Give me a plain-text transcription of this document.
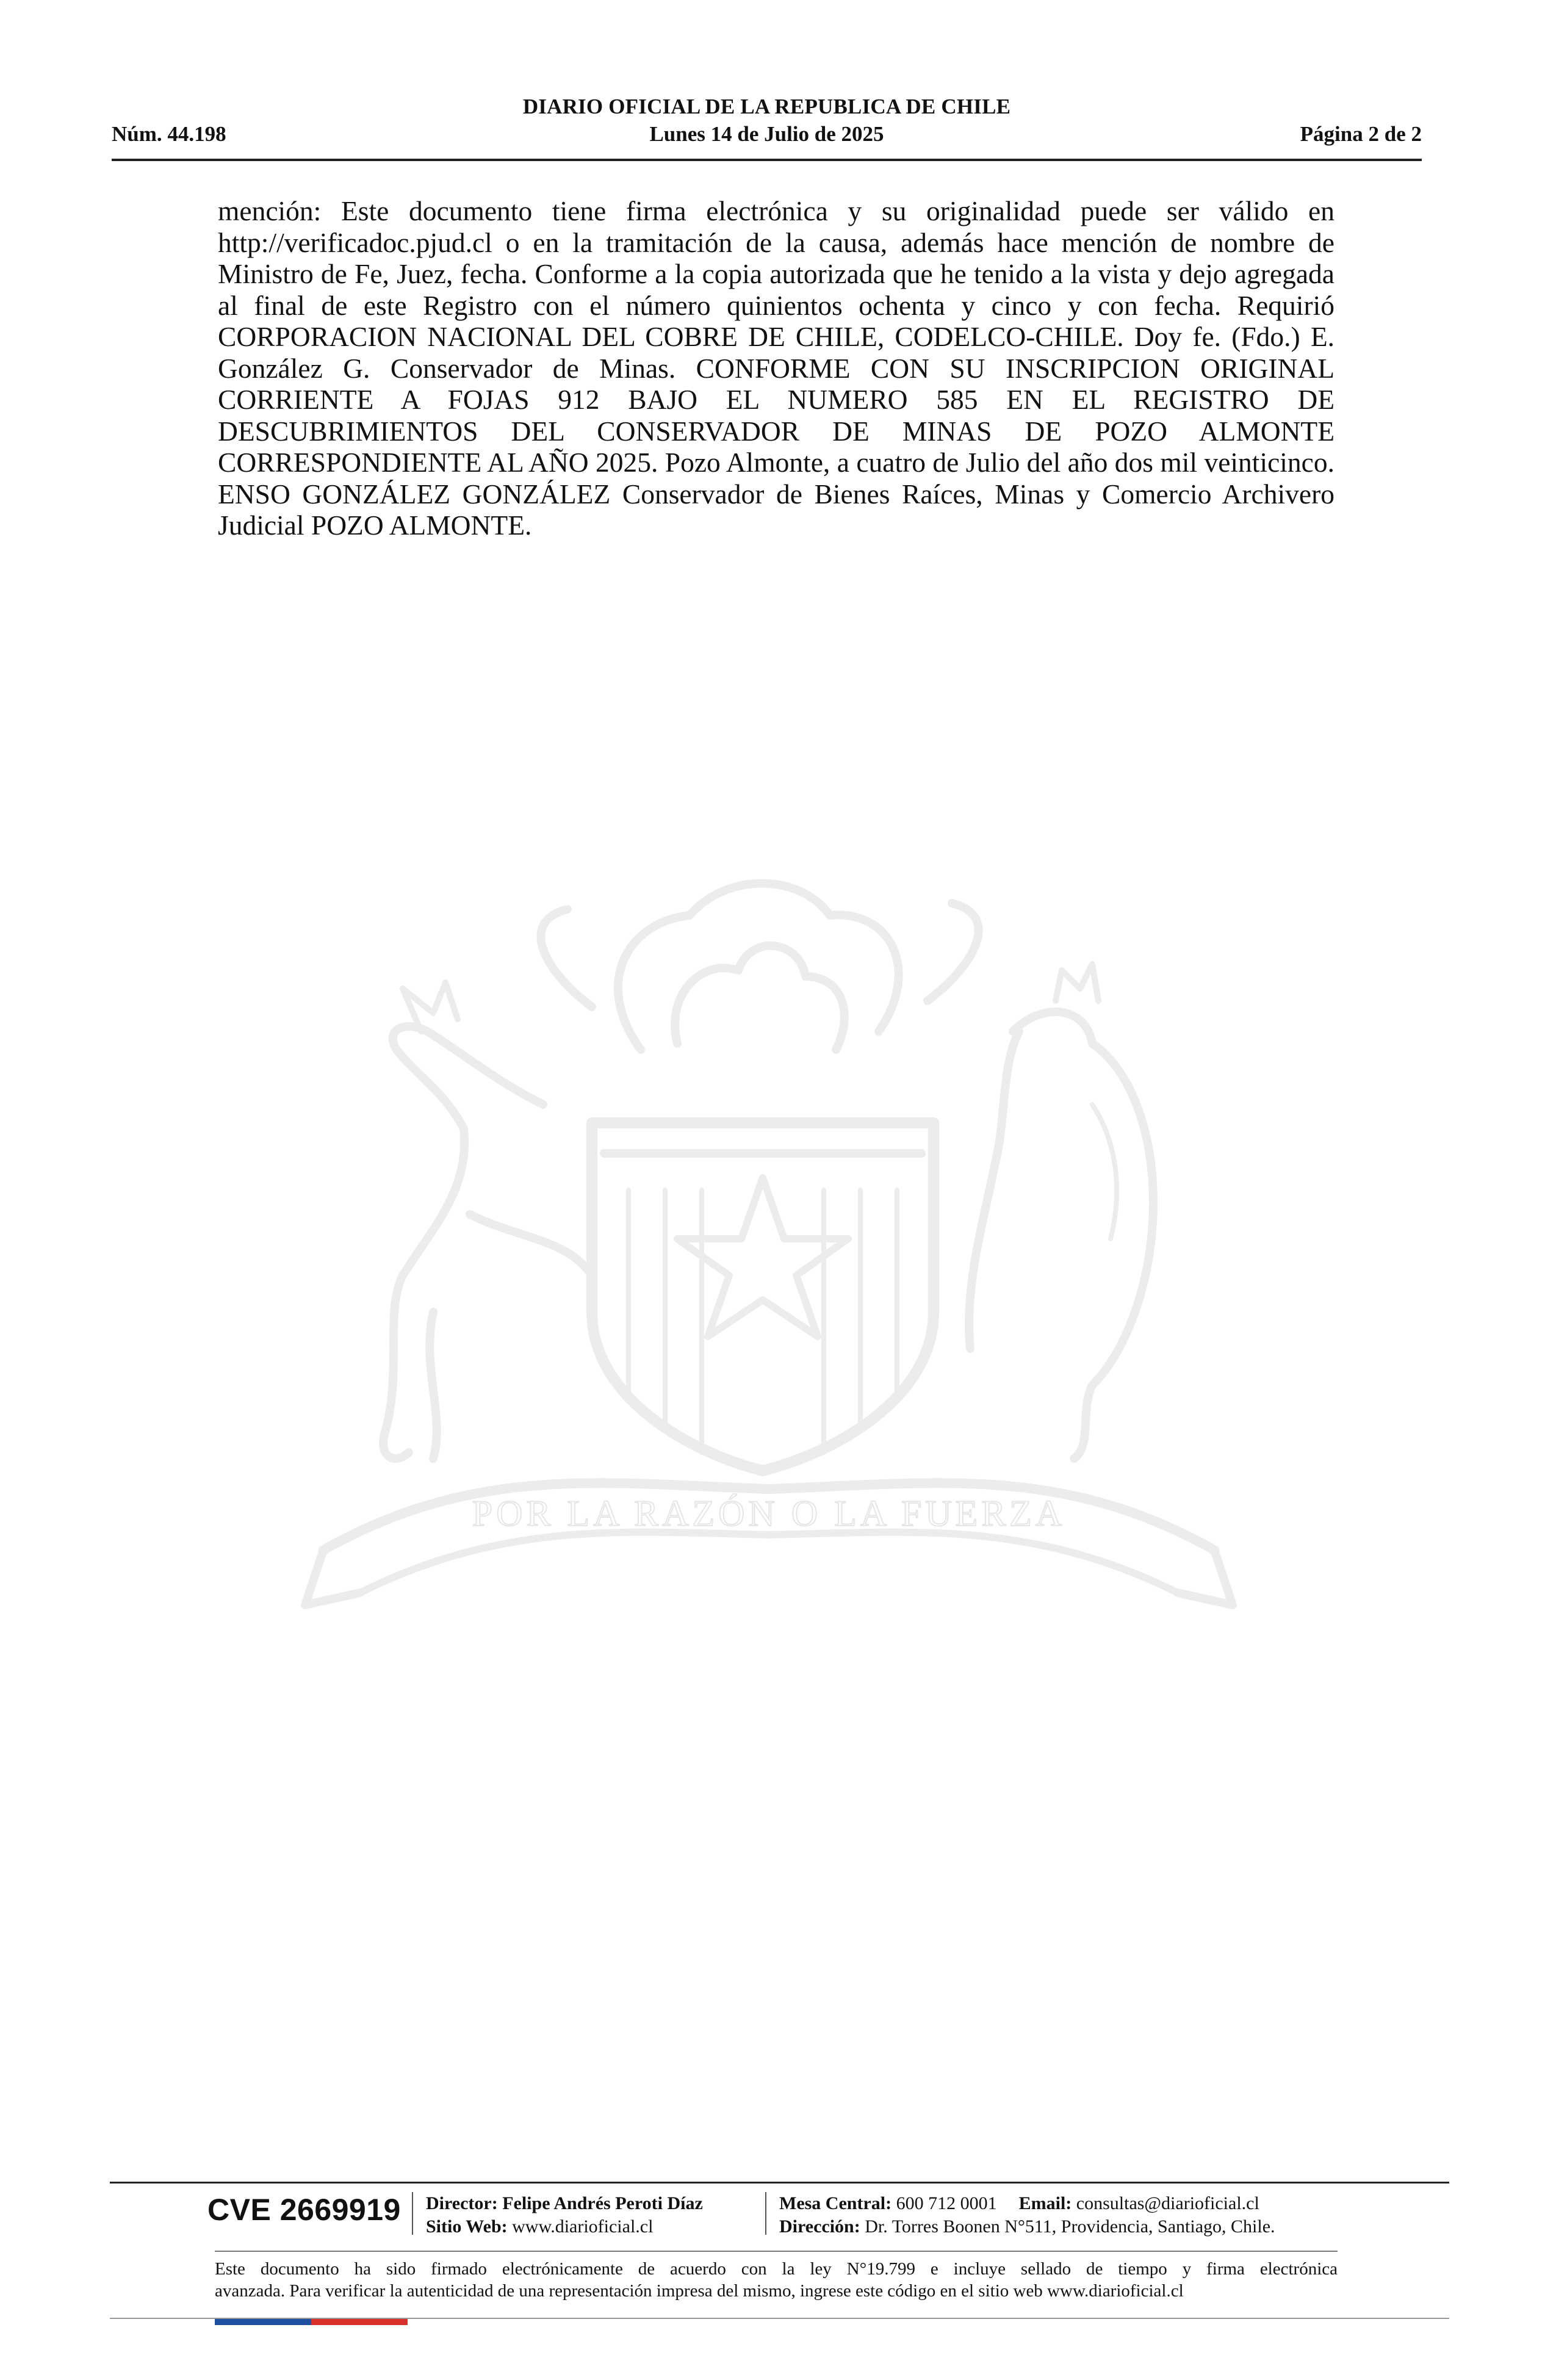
DIARIO OFICIAL DE LA REPUBLICA DE CHILE
Núm. 44.198	Lunes 14 de Julio de 2025	Página 2 de 2
POR LA RAZÓN O LA FUERZA
mención: Este documento tiene firma electrónica y su originalidad puede ser válido en http://verificadoc.pjud.cl o en la tramitación de la causa, además hace mención de nombre de Ministro de Fe, Juez, fecha. Conforme a la copia autorizada que he tenido a la vista y dejo agregada al final de este Registro con el número quinientos ochenta y cinco y con fecha. Requirió CORPORACION NACIONAL DEL COBRE DE CHILE, CODELCO-CHILE. Doy fe. (Fdo.) E. González G. Conservador de Minas. CONFORME CON SU INSCRIPCION ORIGINAL CORRIENTE A FOJAS 912 BAJO EL NUMERO 585 EN EL REGISTRO DE DESCUBRIMIENTOS DEL CONSERVADOR DE MINAS DE POZO ALMONTE CORRESPONDIENTE AL AÑO 2025. Pozo Almonte, a cuatro de Julio del año dos mil veinticinco. ENSO GONZÁLEZ GONZÁLEZ Conservador de Bienes Raíces, Minas y Comercio Archivero Judicial POZO ALMONTE.
CVE 2669919 Director: Felipe Andrés Peroti Díaz
Sitio Web: www.diarioficial.cl
Mesa Central: 600 712 0001 Email: consultas@diarioficial.cl
Dirección: Dr. Torres Boonen N°511, Providencia, Santiago, Chile.
Este documento ha sido firmado electrónicamente de acuerdo con la ley N°19.799 e incluye sellado de tiempo y firma electrónica
avanzada. Para verificar la autenticidad de una representación impresa del mismo, ingrese este código en el sitio web www.diarioficial.cl
